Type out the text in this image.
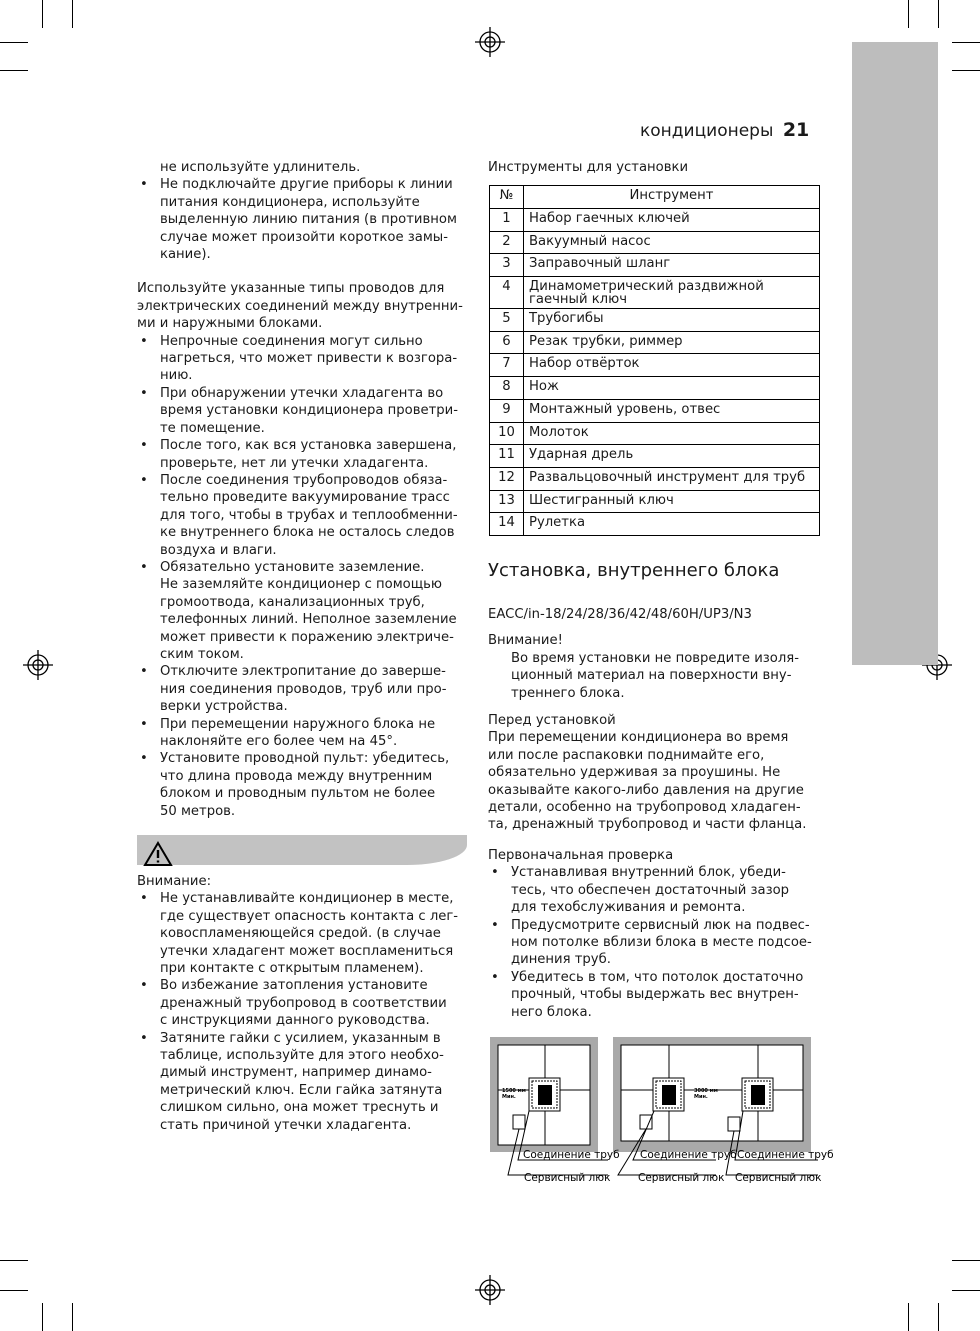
кондиционеры 21
не используйте удлинитель.
• Не подключайте другие приборы к линии
питания кондиционера, используйте
выделенную линию питания (в противном
случае может произойти короткое замы-
кание).
Используйте указанные типы проводов для
электрических соединений между внутренни-
ми и наружными блоками.
• Непрочные соединения могут сильно
нагреться, что может привести к возгора-
нию.
• При обнаружении утечки хладагента во
время установки кондиционера проветри-
те помещение.
• После того, как вся установка завершена,
проверьте, нет ли утечки хладагента.
• После соединения трубопроводов обяза-
тельно проведите вакуумирование трасс
для того, чтобы в трубах и теплообменни-
ке внутреннего блока не осталось следов
воздуха и влаги.
• Обязательно установите заземление.
Не заземляйте кондиционер с помощью
громоотвода, канализационных труб,
телефонных линий. Неполное заземление
может привести к поражению электриче-
ским током.
• Отключите электропитание до заверше-
ния соединения проводов, труб или про-
верки устройства.
• При перемещении наружного блока не
наклоняйте его более чем на 45°.
• Установите проводной пульт: убедитесь,
что длина провода между внутренним
блоком и проводным пультом не более
50 метров.
Внимание:
• Не устанавливайте кондиционер в месте,
где существует опасность контакта с лег-
ковоспламеняющейся средой. (в случае
утечки хладагент может воспламениться
при контакте с открытым пламенем).
• Во избежание затопления установите
дренажный трубопровод в соответствии
с инструкциями данного руководства.
• Затяните гайки с усилием, указанным в
таблице, используйте для этого необхо-
димый инструмент, например динамо-
метрический ключ. Если гайка затянута
слишком сильно, она может треснуть и
стать причиной утечки хладагента.
Инструменты для установки
№	Инструмент
1	Набор гаечных ключей
2	Вакуумный насос
3	Заправочный шланг
4	Динамометрический раздвижной
гаечный ключ
5	Трубогибы
6	Резак трубки, риммер
7	Набор отвёрток
8	Нож
9	Монтажный уровень, отвес
10	Молоток
11	Ударная дрель
12	Развальцовочный инструмент для труб
13	Шестигранный ключ
14	Рулетка
Установка, внутреннего блока
EACC/in-18/24/28/36/42/48/60H/UP3/N3
Внимание!
Во время установки не повредите изоля-
ционный материал на поверхности вну-
треннего блока.
Перед установкой
При перемещении кондиционера во время
или после распаковки поднимайте его,
обязательно удерживая за проушины. Не
оказывайте какого-либо давления на другие
детали, особенно на трубопровод хладаген-
та, дренажный трубопровод и части фланца.
Первоначальная проверка
• Устанавливая внутренний блок, убеди-
тесь, что обеспечен достаточный зазор
для техобслуживания и ремонта.
• Предусмотрите сервисный люк на подвес-
ном потолке вблизи блока в месте подсое-
динения труб.
• Убедитесь в том, что потолок достаточно
прочный, чтобы выдержать вес внутрен-
него блока.
1500 мм Мин.
3000 мм Мин.
Соединение труб
Сервисный люк
Соединение труб
Сервисный люк
Соединение труб
Сервисный люк
